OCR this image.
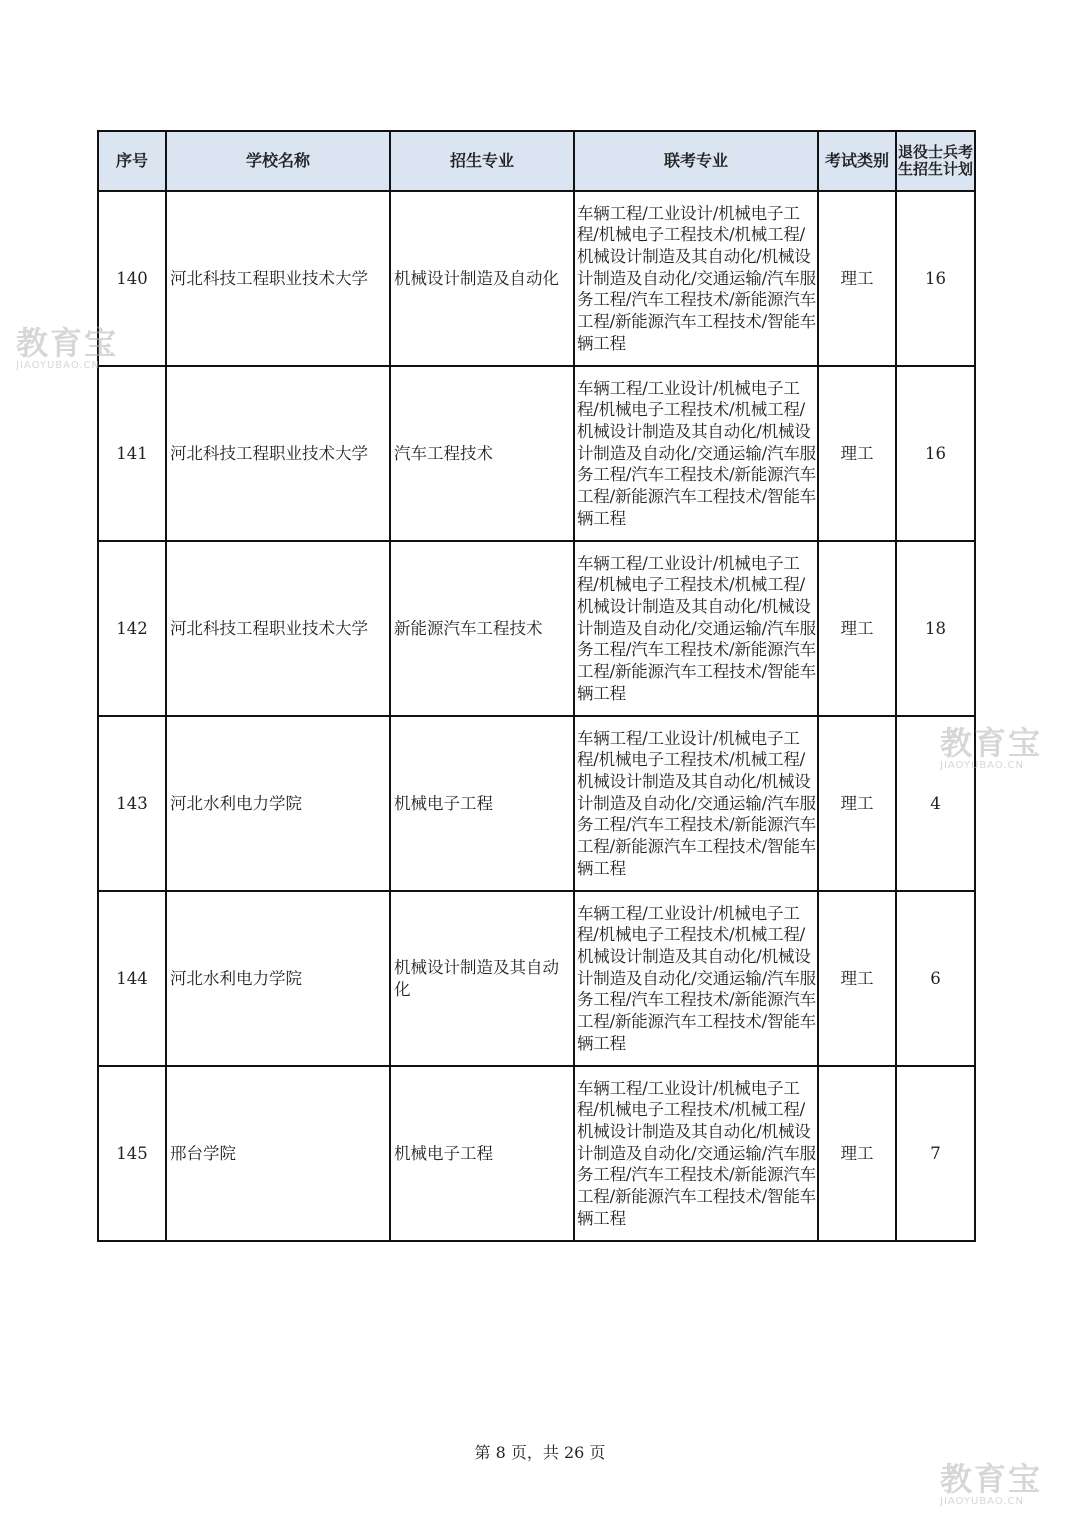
序号	学校名称	招生专业	联考专业	考试类别	退役士兵考生招生计划
140	河北科技工程职业技术大学	机械设计制造及自动化	车辆工程/工业设计/机械电子工程/机械电子工程技术/机械工程/机械设计制造及其自动化/机械设计制造及自动化/交通运输/汽车服务工程/汽车工程技术/新能源汽车工程/新能源汽车工程技术/智能车辆工程	理工	16
141	河北科技工程职业技术大学	汽车工程技术	车辆工程/工业设计/机械电子工程/机械电子工程技术/机械工程/机械设计制造及其自动化/机械设计制造及自动化/交通运输/汽车服务工程/汽车工程技术/新能源汽车工程/新能源汽车工程技术/智能车辆工程	理工	16
142	河北科技工程职业技术大学	新能源汽车工程技术	车辆工程/工业设计/机械电子工程/机械电子工程技术/机械工程/机械设计制造及其自动化/机械设计制造及自动化/交通运输/汽车服务工程/汽车工程技术/新能源汽车工程/新能源汽车工程技术/智能车辆工程	理工	18
143	河北水利电力学院	机械电子工程	车辆工程/工业设计/机械电子工程/机械电子工程技术/机械工程/机械设计制造及其自动化/机械设计制造及自动化/交通运输/汽车服务工程/汽车工程技术/新能源汽车工程/新能源汽车工程技术/智能车辆工程	理工	4
144	河北水利电力学院	机械设计制造及其自动化	车辆工程/工业设计/机械电子工程/机械电子工程技术/机械工程/机械设计制造及其自动化/机械设计制造及自动化/交通运输/汽车服务工程/汽车工程技术/新能源汽车工程/新能源汽车工程技术/智能车辆工程	理工	6
145	邢台学院	机械电子工程	车辆工程/工业设计/机械电子工程/机械电子工程技术/机械工程/机械设计制造及其自动化/机械设计制造及自动化/交通运输/汽车服务工程/汽车工程技术/新能源汽车工程/新能源汽车工程技术/智能车辆工程	理工	7
教育宝
JIAOYUBAO.CN
教育宝
JIAOYUBAO.CN
教育宝
JIAOYUBAO.CN
第 8 页，共 26 页
